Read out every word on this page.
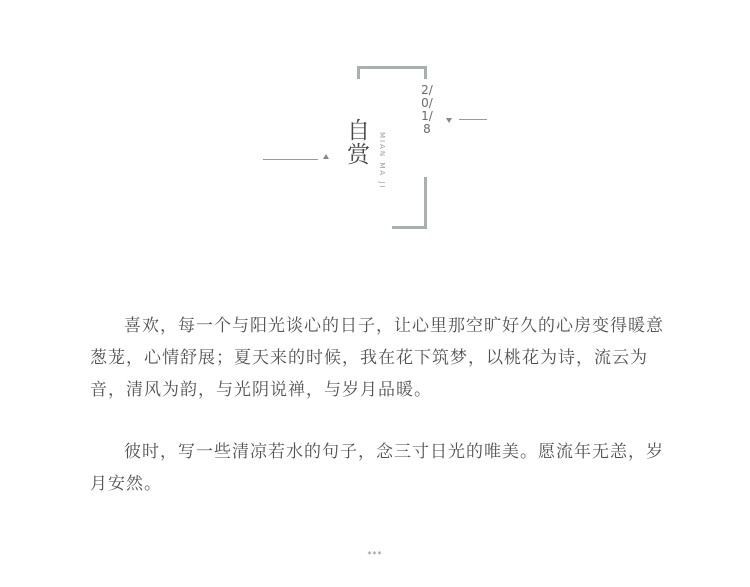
自赏 MIAN MA JI
2/0/1/8

喜欢，每一个与阳光谈心的日子，让心里那空旷好久的心房变得暖意葱茏，心情舒展；夏天来的时候，我在花下筑梦，以桃花为诗，流云为音，清风为韵，与光阴说禅，与岁月品暖。

彼时，写一些清凉若水的句子，念三寸日光的唯美。愿流年无恙，岁月安然。

***
